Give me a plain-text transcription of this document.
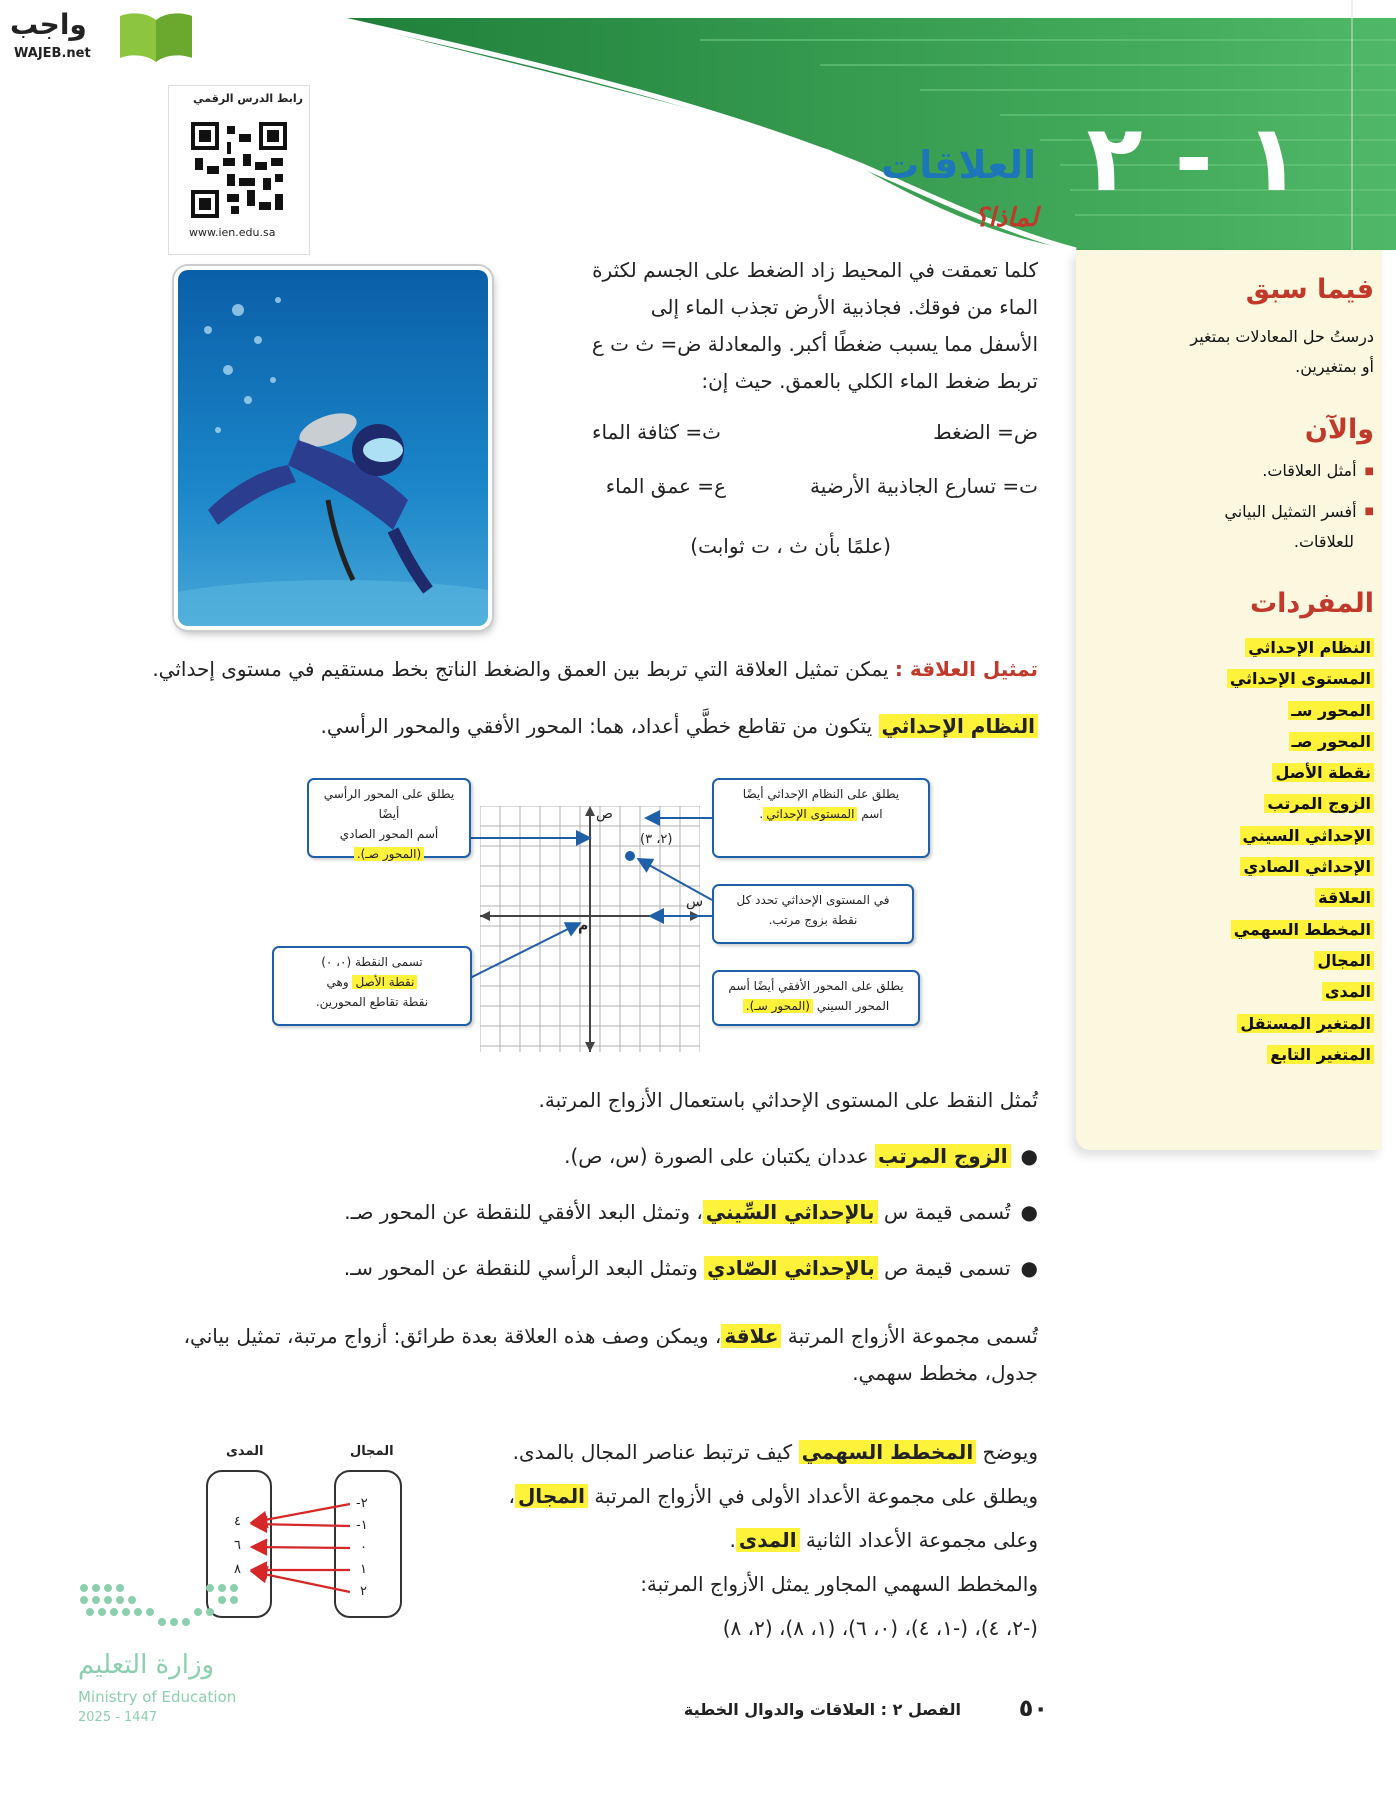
١ - ٢
العلاقات
لماذا؟
واجب
WAJEB.net
رابط الدرس الرقمي
www.ien.edu.sa
كلما تعمقت في المحيط زاد الضغط على الجسم لكثرة
الماء من فوقك. فجاذبية الأرض تجذب الماء إلى
الأسفل مما يسبب ضغطًا أكبر. والمعادلة ض= ث ت ع
تربط ضغط الماء الكلي بالعمق. حيث إن:
ض= الضغط
ث= كثافة الماء
ت= تسارع الجاذبية الأرضية
ع= عمق الماء
(علمًا بأن ث ، ت ثوابت)
تمثيل العلاقة : يمكن تمثيل العلاقة التي تربط بين العمق والضغط الناتج بخط مستقيم في مستوى إحداثي.
النظام الإحداثي يتكون من تقاطع خطَّي أعداد، هما: المحور الأفقي والمحور الرأسي.
ص
س
م
(٢، ٣)
يطلق على المحور الرأسي أيضًا
أسم المحور الصادي
(المحور صـ).
تسمى النقطة (٠، ٠)
نقطة الأصل وهي
نقطة تقاطع المحورين.
يطلق على النظام الإحداثي أيضًا
اسم المستوى الإحداثي.
في المستوى الإحداثي تحدد كل
نقطة بزوج مرتب.
يطلق على المحور الأفقي أيضًا أسم
المحور السيني (المحور سـ).
تُمثل النقط على المستوى الإحداثي باستعمال الأزواج المرتبة.
●الزوج المرتب عددان يكتبان على الصورة (س، ص).
●تُسمى قيمة س بالإحداثي السِّيني، وتمثل البعد الأفقي للنقطة عن المحور صـ.
●تسمى قيمة ص بالإحداثي الصّادي وتمثل البعد الرأسي للنقطة عن المحور سـ.
تُسمى مجموعة الأزواج المرتبة علاقة، ويمكن وصف هذه العلاقة بعدة طرائق: أزواج مرتبة، تمثيل بياني،
جدول، مخطط سهمي.
ويوضح المخطط السهمي كيف ترتبط عناصر المجال بالمدى.
ويطلق على مجموعة الأعداد الأولى في الأزواج المرتبة المجال،
وعلى مجموعة الأعداد الثانية المدى.
والمخطط السهمي المجاور يمثل الأزواج المرتبة:
(-٢، ٤)، (-١، ٤)، (٠، ٦)، (١، ٨)، (٢، ٨)
المجال
المدى
-٢
-١
٠
١
٢
٤
٦
٨
فيما سبق
درستُ حل المعادلات بمتغير
أو بمتغيرين.
والآن
■ أمثل العلاقات.
■ أفسر التمثيل البياني
للعلاقات.
المفردات
النظام الإحداثي
المستوى الإحداثي
المحور سـ
المحور صـ
نقطة الأصل
الزوج المرتب
الإحداثي السيني
الإحداثي الصادي
العلاقة
المخطط السهمي
المجال
المدى
المتغير المستقل
المتغير التابع
وزارة التعليم
Ministry of Education
2025 - 1447	الفصل ٢ : العلاقات والدوال الخطية ٥٠
